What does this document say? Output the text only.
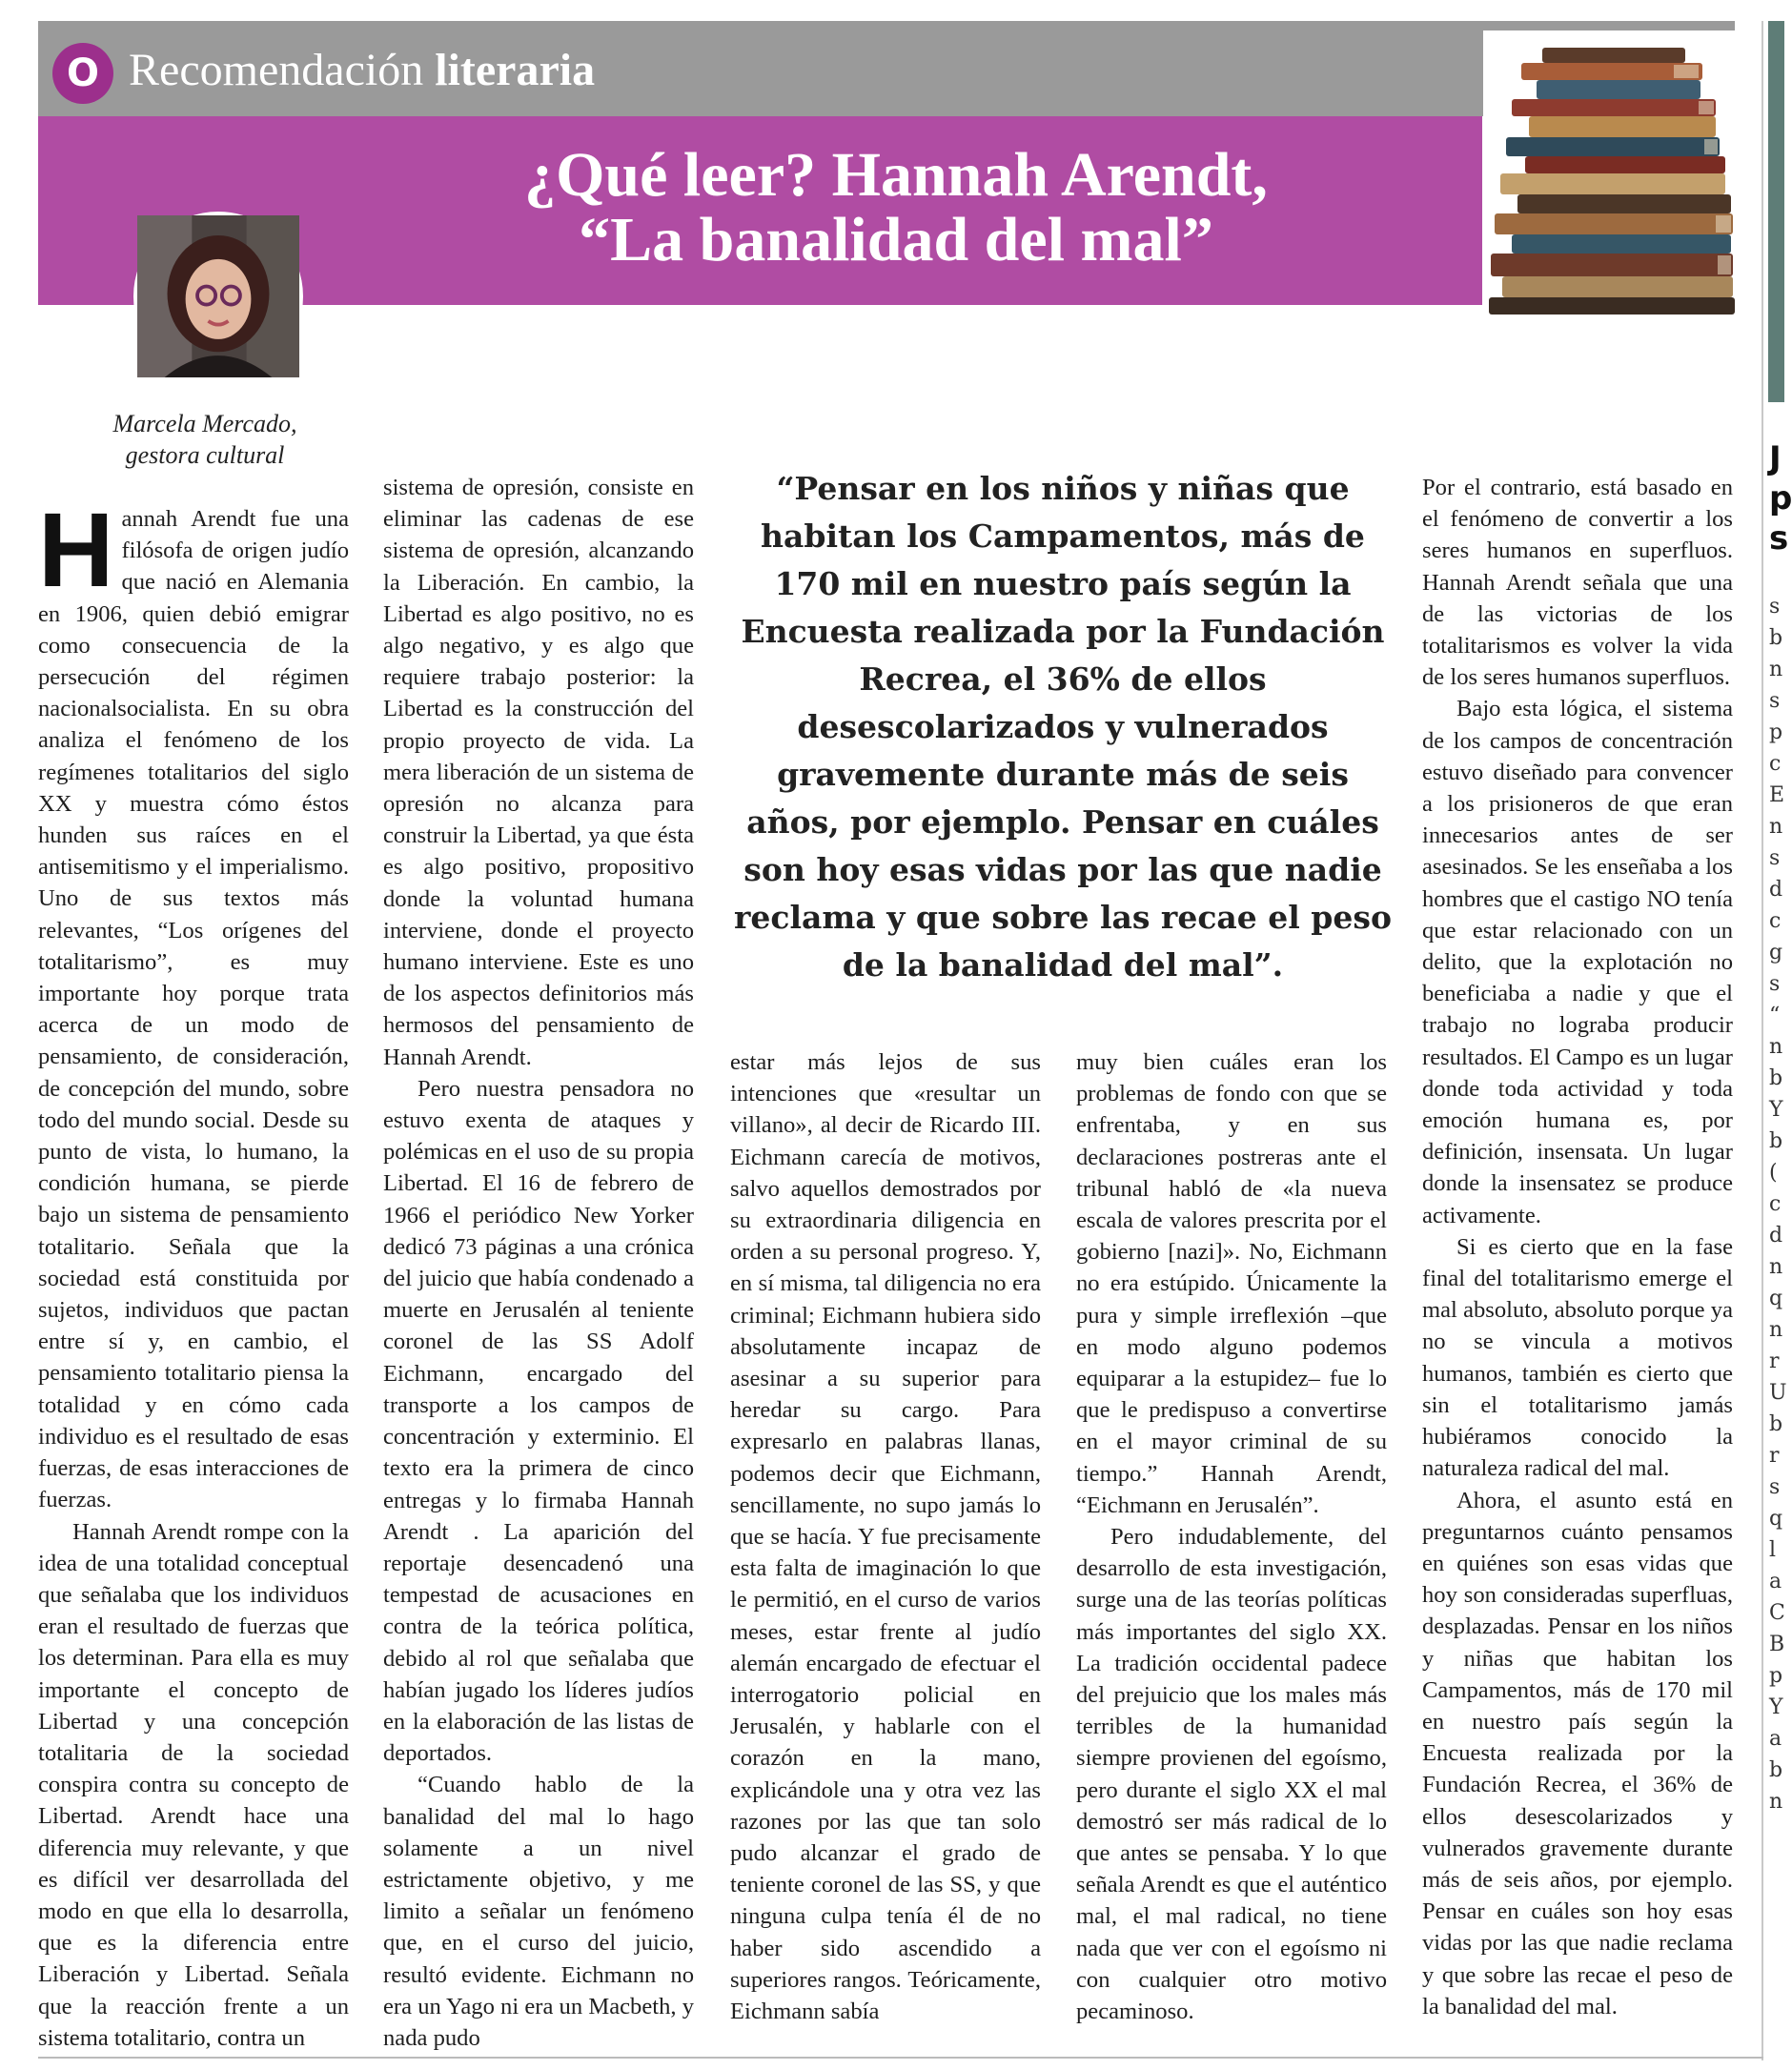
O Recomendación literaria
¿Qué leer? Hannah Arendt,
“La banalidad del mal”
J p s
s b n s p c E n s d c g s “ n b Y b ( c d n q n r U b r s q l a C B p Y a b n
Marcela Mercado,
gestora cultural

Hannah Arendt fue una filósofa de origen judío que nació en Alemania en 1906, quien debió emigrar como consecuencia de la persecución del régimen nacionalsocialista. En su obra analiza el fenómeno de los regímenes totalitarios del siglo XX y muestra cómo éstos hunden sus raíces en el antisemitismo y el imperialismo. Uno de sus textos más relevantes, “Los orígenes del totalitarismo”, es muy importante hoy porque trata acerca de un modo de pensamiento, de consideración, de concepción del mundo, sobre todo del mundo social. Desde su punto de vista, lo humano, la condición humana, se pierde bajo un sistema de pensamiento totalitario. Señala que la sociedad está constituida por sujetos, individuos que pactan entre sí y, en cambio, el pensamiento totalitario piensa la totalidad y en cómo cada individuo es el resultado de esas fuerzas, de esas interacciones de fuerzas.

Hannah Arendt rompe con la idea de una totalidad conceptual que señalaba que los individuos eran el resultado de fuerzas que los determinan. Para ella es muy importante el concepto de Libertad y una concepción totalitaria de la sociedad conspira contra su concepto de Libertad. Arendt hace una diferencia muy relevante, y que es difícil ver desarrollada del modo en que ella lo desarrolla, que es la diferencia entre Liberación y Libertad. Señala que la reacción frente a un sistema totalitario, contra un

sistema de opresión, consiste en eliminar las cadenas de ese sistema de opresión, alcanzando la Liberación. En cambio, la Libertad es algo positivo, no es algo negativo, y es algo que requiere trabajo posterior: la Libertad es la construcción del propio proyecto de vida. La mera liberación de un sistema de opresión no alcanza para construir la Libertad, ya que ésta es algo positivo, propositivo donde la voluntad humana interviene, donde el proyecto humano interviene. Este es uno de los aspectos definitorios más hermosos del pensamiento de Hannah Arendt.

Pero nuestra pensadora no estuvo exenta de ataques y polémicas en el uso de su propia Libertad. El 16 de febrero de 1966 el periódico New Yorker dedicó 73 páginas a una crónica del juicio que había condenado a muerte en Jerusalén al teniente coronel de las SS Adolf Eichmann, encargado del transporte a los campos de concentración y exterminio. El texto era la primera de cinco entregas y lo firmaba Hannah Arendt . La aparición del reportaje desencadenó una tempestad de acusaciones en contra de la teórica política, debido al rol que señalaba que habían jugado los líderes judíos en la elaboración de las listas de deportados.

“Cuando hablo de la banalidad del mal lo hago solamente a un nivel estrictamente objetivo, y me limito a señalar un fenómeno que, en el curso del juicio, resultó evidente. Eichmann no era un Yago ni era un Macbeth, y nada pudo

“Pensar en los niños y niñas que habitan los Campamentos, más de 170 mil en nuestro país según la Encuesta realizada por la Fundación Recrea, el 36% de ellos desescolarizados y vulnerados gravemente durante más de seis años, por ejemplo. Pensar en cuáles son hoy esas vidas por las que nadie reclama y que sobre las recae el peso de la banalidad del mal”.

estar más lejos de sus intenciones que «resultar un villano», al decir de Ricardo III. Eichmann carecía de motivos, salvo aquellos demostrados por su extraordinaria diligencia en orden a su personal progreso. Y, en sí misma, tal diligencia no era criminal; Eichmann hubiera sido absolutamente incapaz de asesinar a su superior para heredar su cargo. Para expresarlo en palabras llanas, podemos decir que Eichmann, sencillamente, no supo jamás lo que se hacía. Y fue precisamente esta falta de imaginación lo que le permitió, en el curso de varios meses, estar frente al judío alemán encargado de efectuar el interrogatorio policial en Jerusalén, y hablarle con el corazón en la mano, explicándole una y otra vez las razones por las que tan solo pudo alcanzar el grado de teniente coronel de las SS, y que ninguna culpa tenía él de no haber sido ascendido a superiores rangos. Teóricamente, Eichmann sabía

muy bien cuáles eran los problemas de fondo con que se enfrentaba, y en sus declaraciones postreras ante el tribunal habló de «la nueva escala de valores prescrita por el gobierno [nazi]». No, Eichmann no era estúpido. Únicamente la pura y simple irreflexión –que en modo alguno podemos equiparar a la estupidez– fue lo que le predispuso a convertirse en el mayor criminal de su tiempo.” Hannah Arendt, “Eichmann en Jerusalén”.

Pero indudablemente, del desarrollo de esta investigación, surge una de las teorías políticas más importantes del siglo XX. La tradición occidental padece del prejuicio que los males más terribles de la humanidad siempre provienen del egoísmo, pero durante el siglo XX el mal demostró ser más radical de lo que antes se pensaba. Y lo que señala Arendt es que el auténtico mal, el mal radical, no tiene nada que ver con el egoísmo ni con cualquier otro motivo pecaminoso.

Por el contrario, está basado en el fenómeno de convertir a los seres humanos en superfluos. Hannah Arendt señala que una de las victorias de los totalitarismos es volver la vida de los seres humanos superfluos.

Bajo esta lógica, el sistema de los campos de concentración estuvo diseñado para convencer a los prisioneros de que eran innecesarios antes de ser asesinados. Se les enseñaba a los hombres que el castigo NO tenía que estar relacionado con un delito, que la explotación no beneficiaba a nadie y que el trabajo no lograba producir resultados. El Campo es un lugar donde toda actividad y toda emoción humana es, por definición, insensata. Un lugar donde la insensatez se produce activamente.

Si es cierto que en la fase final del totalitarismo emerge el mal absoluto, absoluto porque ya no se vincula a motivos humanos, también es cierto que sin el totalitarismo jamás hubiéramos conocido la naturaleza radical del mal.

Ahora, el asunto está en preguntarnos cuánto pensamos en quiénes son esas vidas que hoy son consideradas superfluas, desplazadas. Pensar en los niños y niñas que habitan los Campamentos, más de 170 mil en nuestro país según la Encuesta realizada por la Fundación Recrea, el 36% de ellos desescolarizados y vulnerados gravemente durante más de seis años, por ejemplo. Pensar en cuáles son hoy esas vidas por las que nadie reclama y que sobre las recae el peso de la banalidad del mal.
